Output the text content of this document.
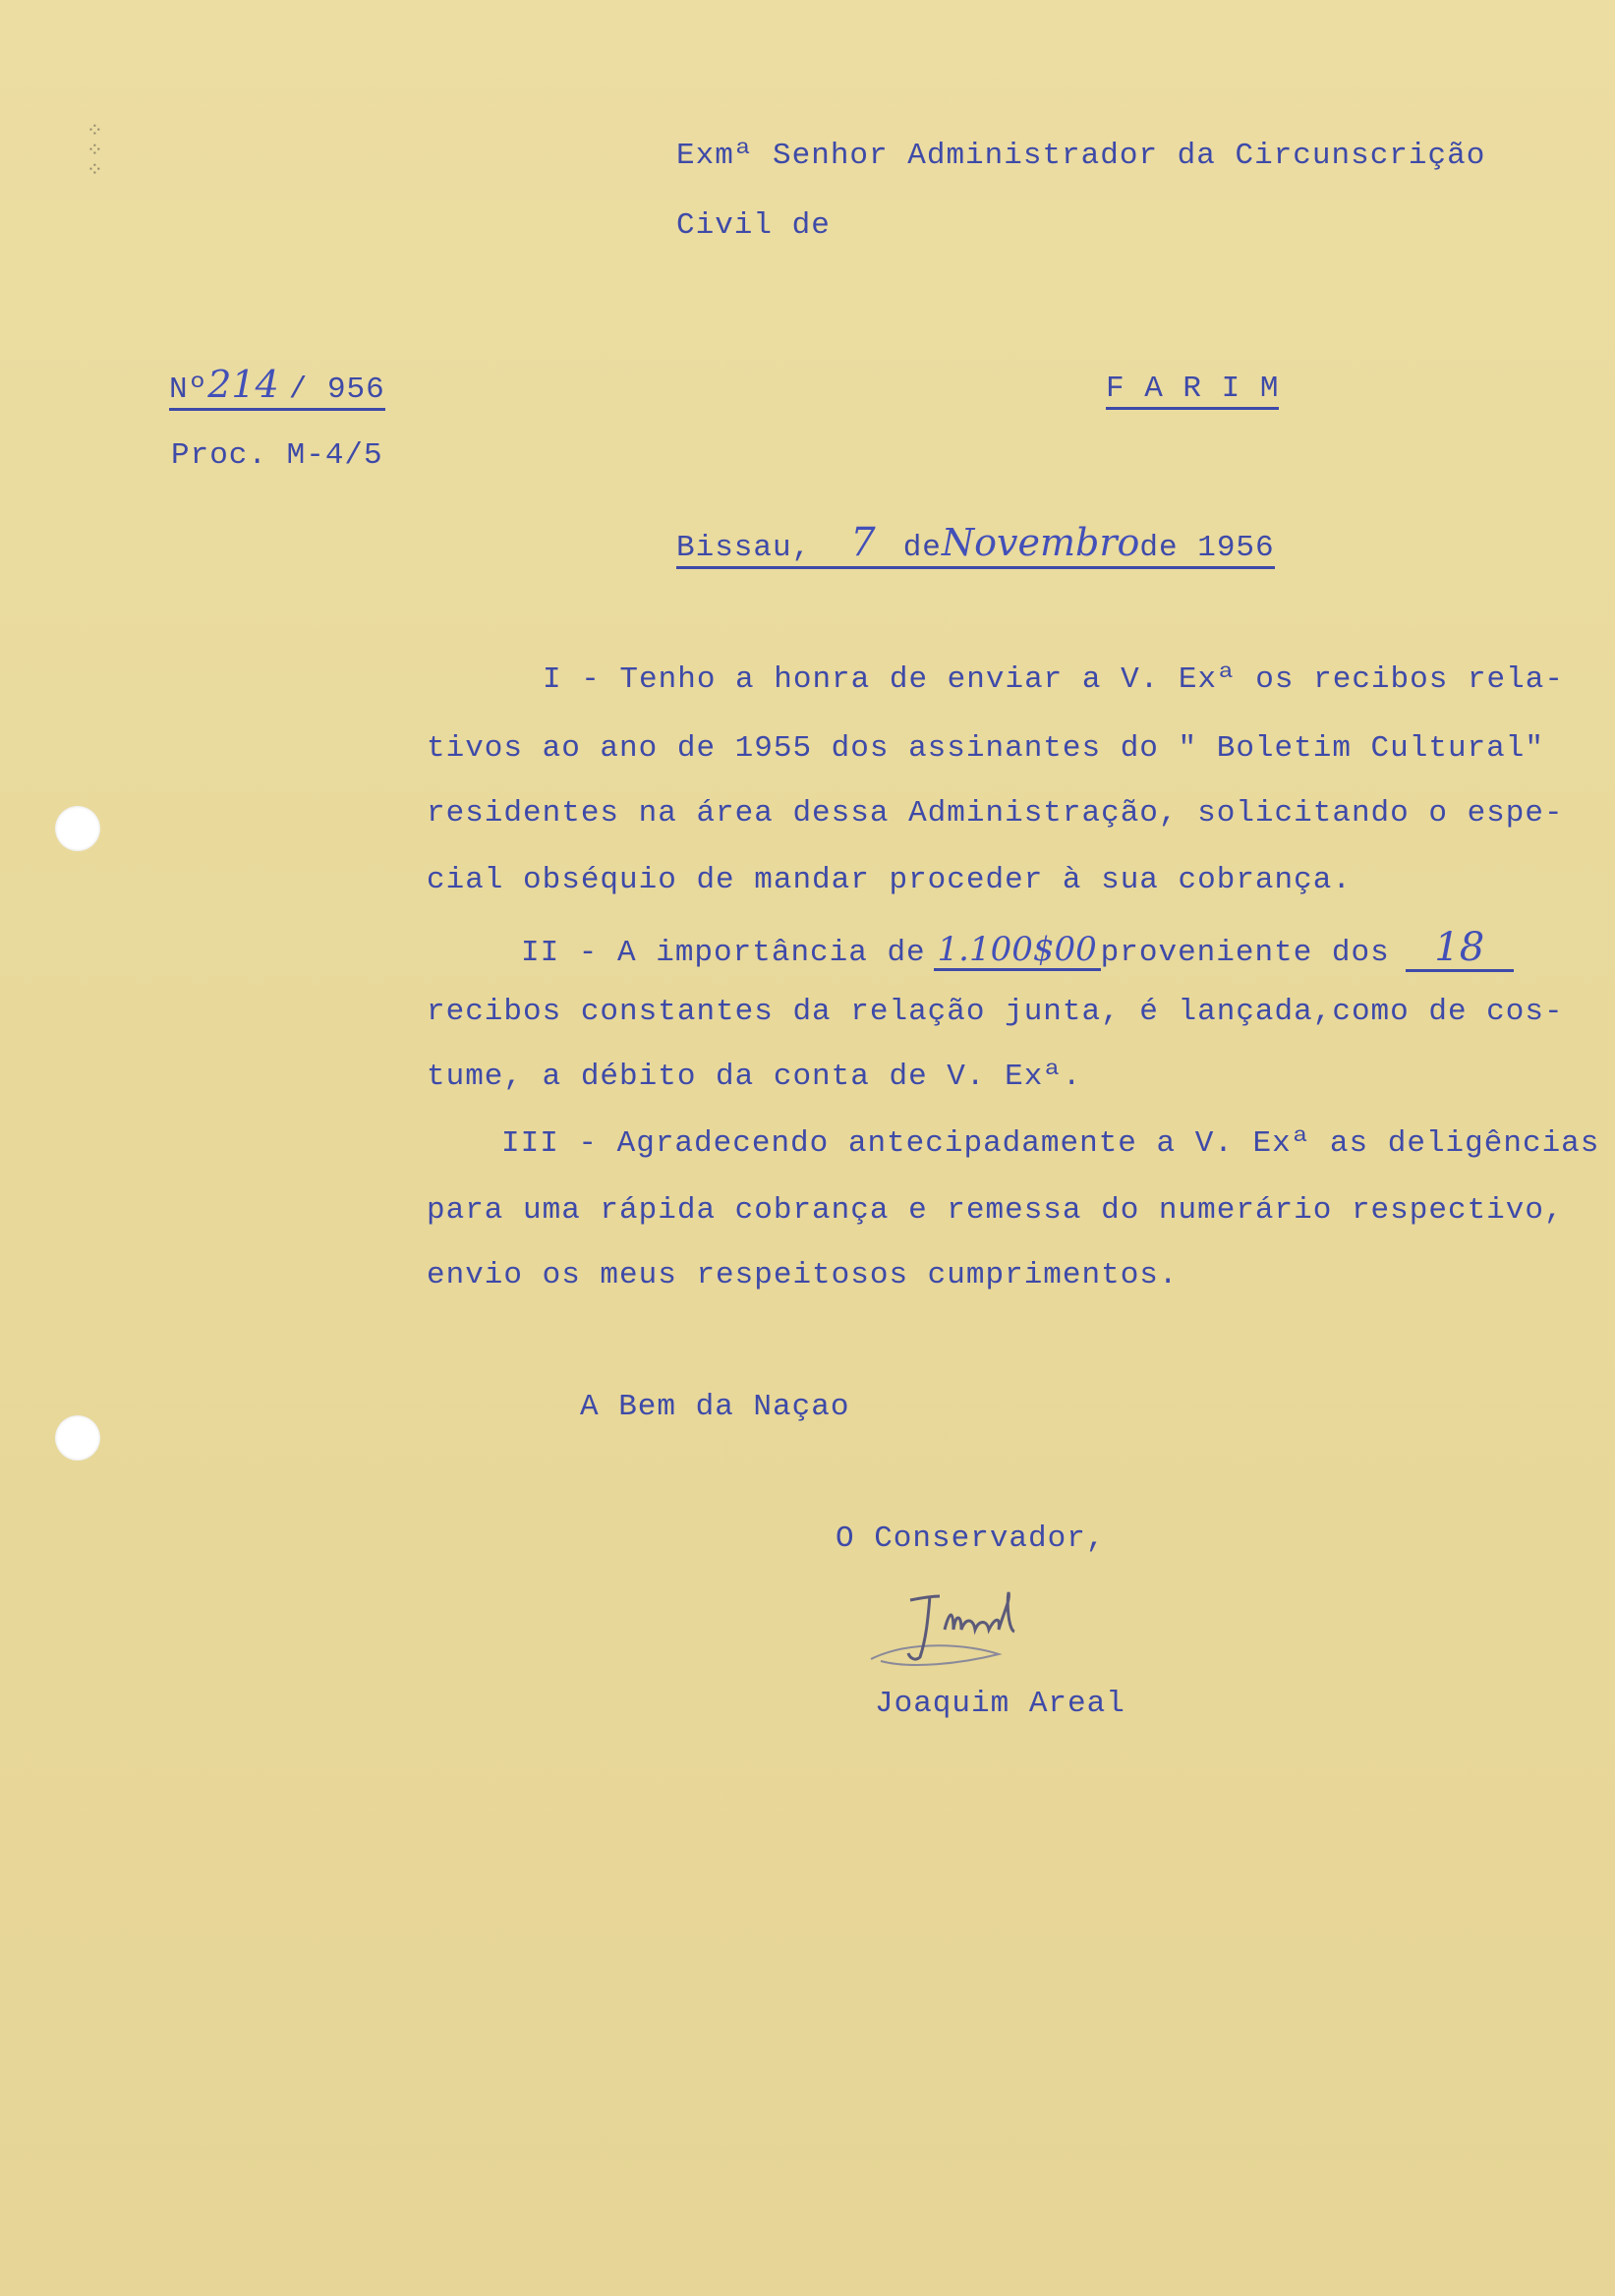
⁘
⁘
⁘	Exmª Senhor Administrador da Circunscrição
Civil de
Nº214 / 956	F A R I M
Proc. M-4/5
Bissau, 7 deNovembrode 1956
I - Tenho a honra de enviar a V. Exª os recibos rela-
tivos ao ano de 1955 dos assinantes do " Boletim Cultural"
residentes na área dessa Administração, solicitando o espe-
cial obséquio de mandar proceder à sua cobrança.
II - A importância de 1.100$00 proveniente dos 18
recibos constantes da relação junta, é lançada,como de cos-
tume, a débito da conta de V. Exª.
III - Agradecendo antecipadamente a V. Exª as deligências
para uma rápida cobrança e remessa do numerário respectivo,
envio os meus respeitosos cumprimentos.
A Bem da Naçao
O Conservador,
Joaquim Areal
